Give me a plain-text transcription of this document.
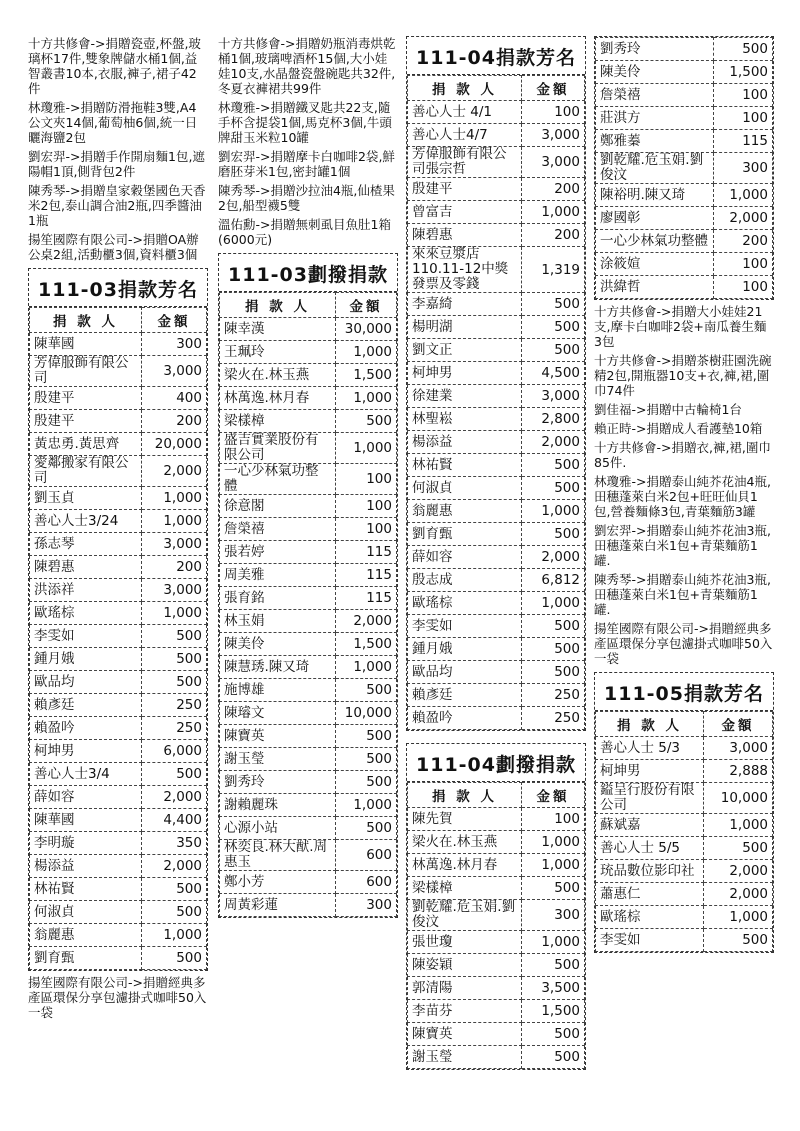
十方共修會->捐贈瓷壺,杯盤,玻璃杯17件,雙象牌儲水桶1個,益智叢書10本,衣服,褲子,裙子42件
林瓊雅->捐贈防滑拖鞋3雙,A4公文夾14個,葡萄柚6個,統一日曬海鹽2包
劉宏羿->捐贈手作開扇麵1包,遮陽帽1頂,側背包2件
陳秀琴->捐贈皇家穀堡國色天香米2包,泰山調合油2瓶,四季醬油1瓶
揚笙國際有限公司->捐贈OA辦公桌2組,活動櫃3個,資料櫃3個
111-03捐款芳名
捐 款 人	金額
陳華國	300
芳偉服飾有限公司	3,000
殷建平	400
殷建平	200
黃忠勇.黃思齊	20,000
愛鄰搬家有限公司	2,000
劉玉貞	1,000
善心人士3/24	1,000
孫志琴	3,000
陳碧惠	200
洪添祥	3,000
歐瑤棕	1,000
李雯如	500
鍾月娥	500
歐品均	500
賴彥廷	250
賴盈吟	250
柯坤男	6,000
善心人士3/4	500
薛如容	2,000
陳華國	4,400
李明璇	350
楊添益	2,000
林祐賢	500
何淑貞	500
翁麗惠	1,000
劉育甄	500
揚笙國際有限公司->捐贈經典多產區環保分享包濾掛式咖啡50入一袋
十方共修會->捐贈奶瓶消毒烘乾桶1個,玻璃啤酒杯15個,大小娃娃10支,水晶盤瓷盤碗匙共32件,冬夏衣褲裙共99件
林瓊雅->捐贈鐵叉匙共22支,隨手杯含提袋1個,馬克杯3個,牛頭牌甜玉米粒10罐
劉宏羿->捐贈摩卡白咖啡2袋,鮮磨胚芽米1包,密封罐1個
陳秀琴->捐贈沙拉油4瓶,仙楂果2包,船型襪5雙
溫佑勳->捐贈無刺虱目魚肚1箱(6000元)
111-03劃撥捐款
捐 款 人	金額
陳幸漢	30,000
王珮玲	1,000
梁火在.林玉燕	1,500
林萬逸.林月春	1,000
梁樣樟	500
盛吉實業股份有限公司	1,000
一心少林氣功整體	100
徐意閣	100
詹榮禧	100
張若婷	115
周美雅	115
張育銘	115
林玉娟	2,000
陳美伶	1,500
陳慧琇.陳又琦	1,000
施博雄	500
陳璿文	10,000
陳寶英	500
謝玉瑩	500
劉秀玲	500
謝賴麗珠	1,000
心源小站	500
林奕良.林大猷.周惠玉	600
鄭小芳	600
周黃彩蓮	300
111-04捐款芳名
捐 款 人	金額
善心人士 4/1	100
善心人士4/7	3,000
芳偉服飾有限公司張宗哲	3,000
殷建平	200
曾富吉	1,000
陳碧惠	200
來來豆漿店 110.11-12中獎發票及零錢	1,319
李嘉綺	500
楊明湖	500
劉文正	500
柯坤男	4,500
徐建業	3,000
林聖崧	2,800
楊添益	2,000
林祐賢	500
何淑貞	500
翁麗惠	1,000
劉育甄	500
薛如容	2,000
殷志成	6,812
歐瑤棕	1,000
李雯如	500
鍾月娥	500
歐品均	500
賴彥廷	250
賴盈吟	250
111-04劃撥捐款
捐 款 人	金額
陳先賀	100
梁火在.林玉燕	1,000
林萬逸.林月春	1,000
梁樣樟	500
劉乾耀.危玉娟.劉俊汶	300
張世瓊	1,000
陳姿穎	500
郭清陽	3,500
李苗芬	1,500
陳寶英	500
謝玉瑩	500
劉秀玲	500
陳美伶	1,500
詹榮禧	100
莊淇方	100
鄭雅蓁	115
劉乾耀.危玉娟.劉俊汶	300
陳裕明.陳又琦	1,000
廖國彰	2,000
一心少林氣功整體	200
涂筱媗	100
洪緯哲	100
十方共修會->捐贈大小娃娃21支,摩卡白咖啡2袋+南瓜養生麵3包
十方共修會->捐贈茶樹莊園洗碗精2包,開瓶器10支+衣,褲,裙,圍巾74件
劉佳福->捐贈中古輪椅1台
賴正時->捐贈成人看護墊10箱
十方共修會->捐贈衣,褲,裙,圍巾85件.
林瓊雅->捐贈泰山純芥花油4瓶,田穗蓬萊白米2包+旺旺仙貝1包,營養麵條3包,青葉麵筋3罐
劉宏羿->捐贈泰山純芥花油3瓶,田穗蓬萊白米1包+青葉麵筋1罐.
陳秀琴->捐贈泰山純芥花油3瓶,田穗蓬萊白米1包+青葉麵筋1罐.
揚笙國際有限公司->捐贈經典多產區環保分享包濾掛式咖啡50入一袋
111-05捐款芳名
捐 款 人	金額
善心人士 5/3	3,000
柯坤男	2,888
鎰呈行股份有限公司	10,000
蘇斌嘉	1,000
善心人士 5/5	500
珫品數位影印社	2,000
蕭惠仁	2,000
歐瑤棕	1,000
李雯如	500
